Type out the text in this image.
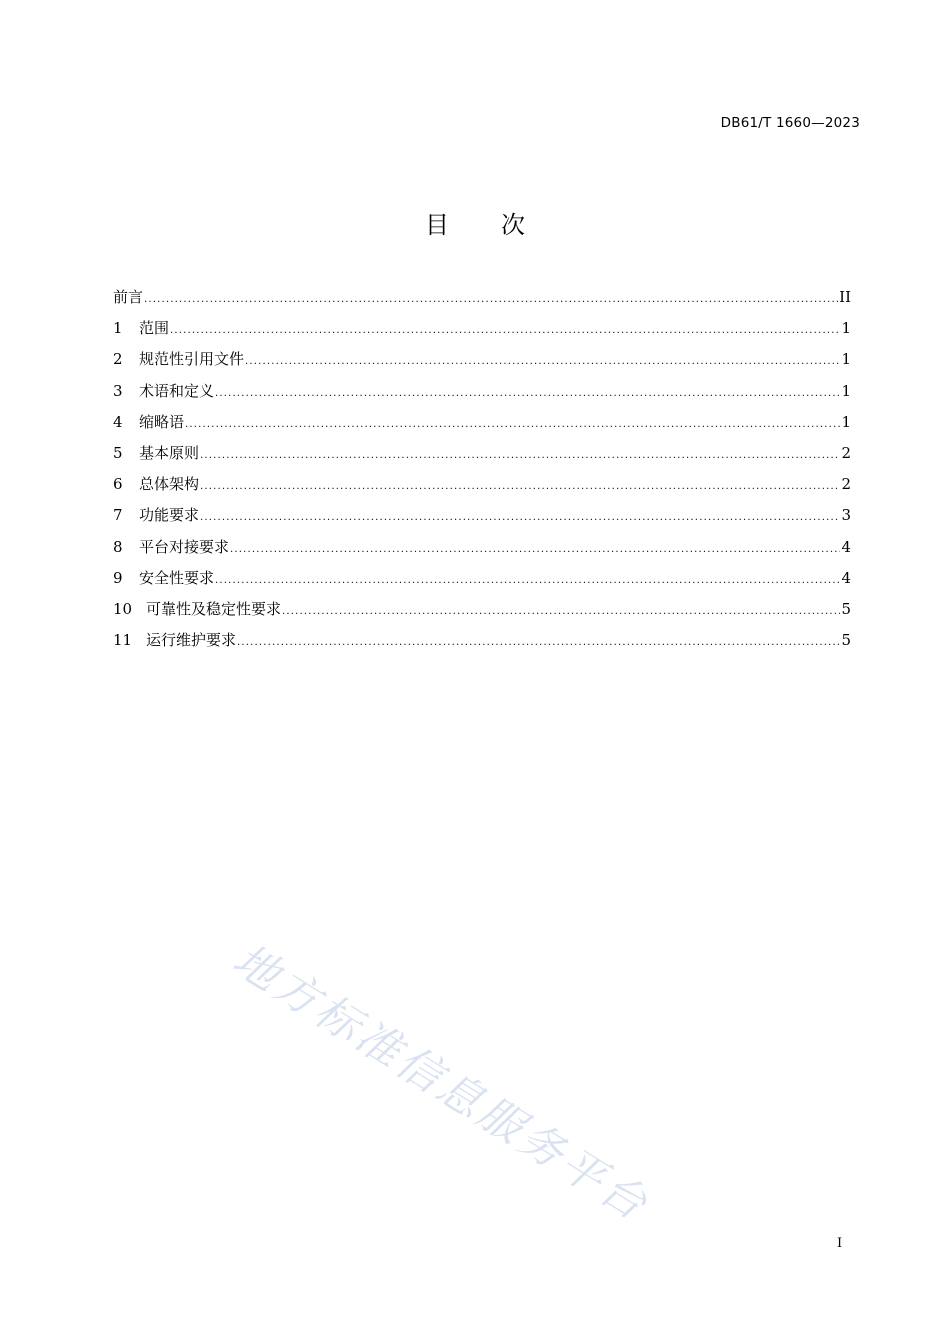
DB61/T 1660—2023
目 次
前言 .....	II
1	范围 .....	1
2	规范性引用文件 .....	1
3	术语和定义 .....	1
4	缩略语 .....	1
5	基本原则 .....	2
6	总体架构 .....	2
7	功能要求 .....	3
8	平台对接要求 .....	4
9	安全性要求 .....	4
10 可靠性及稳定性要求 .....	5
11 运行维护要求 .....	5
地方标准信息服务平台
I
